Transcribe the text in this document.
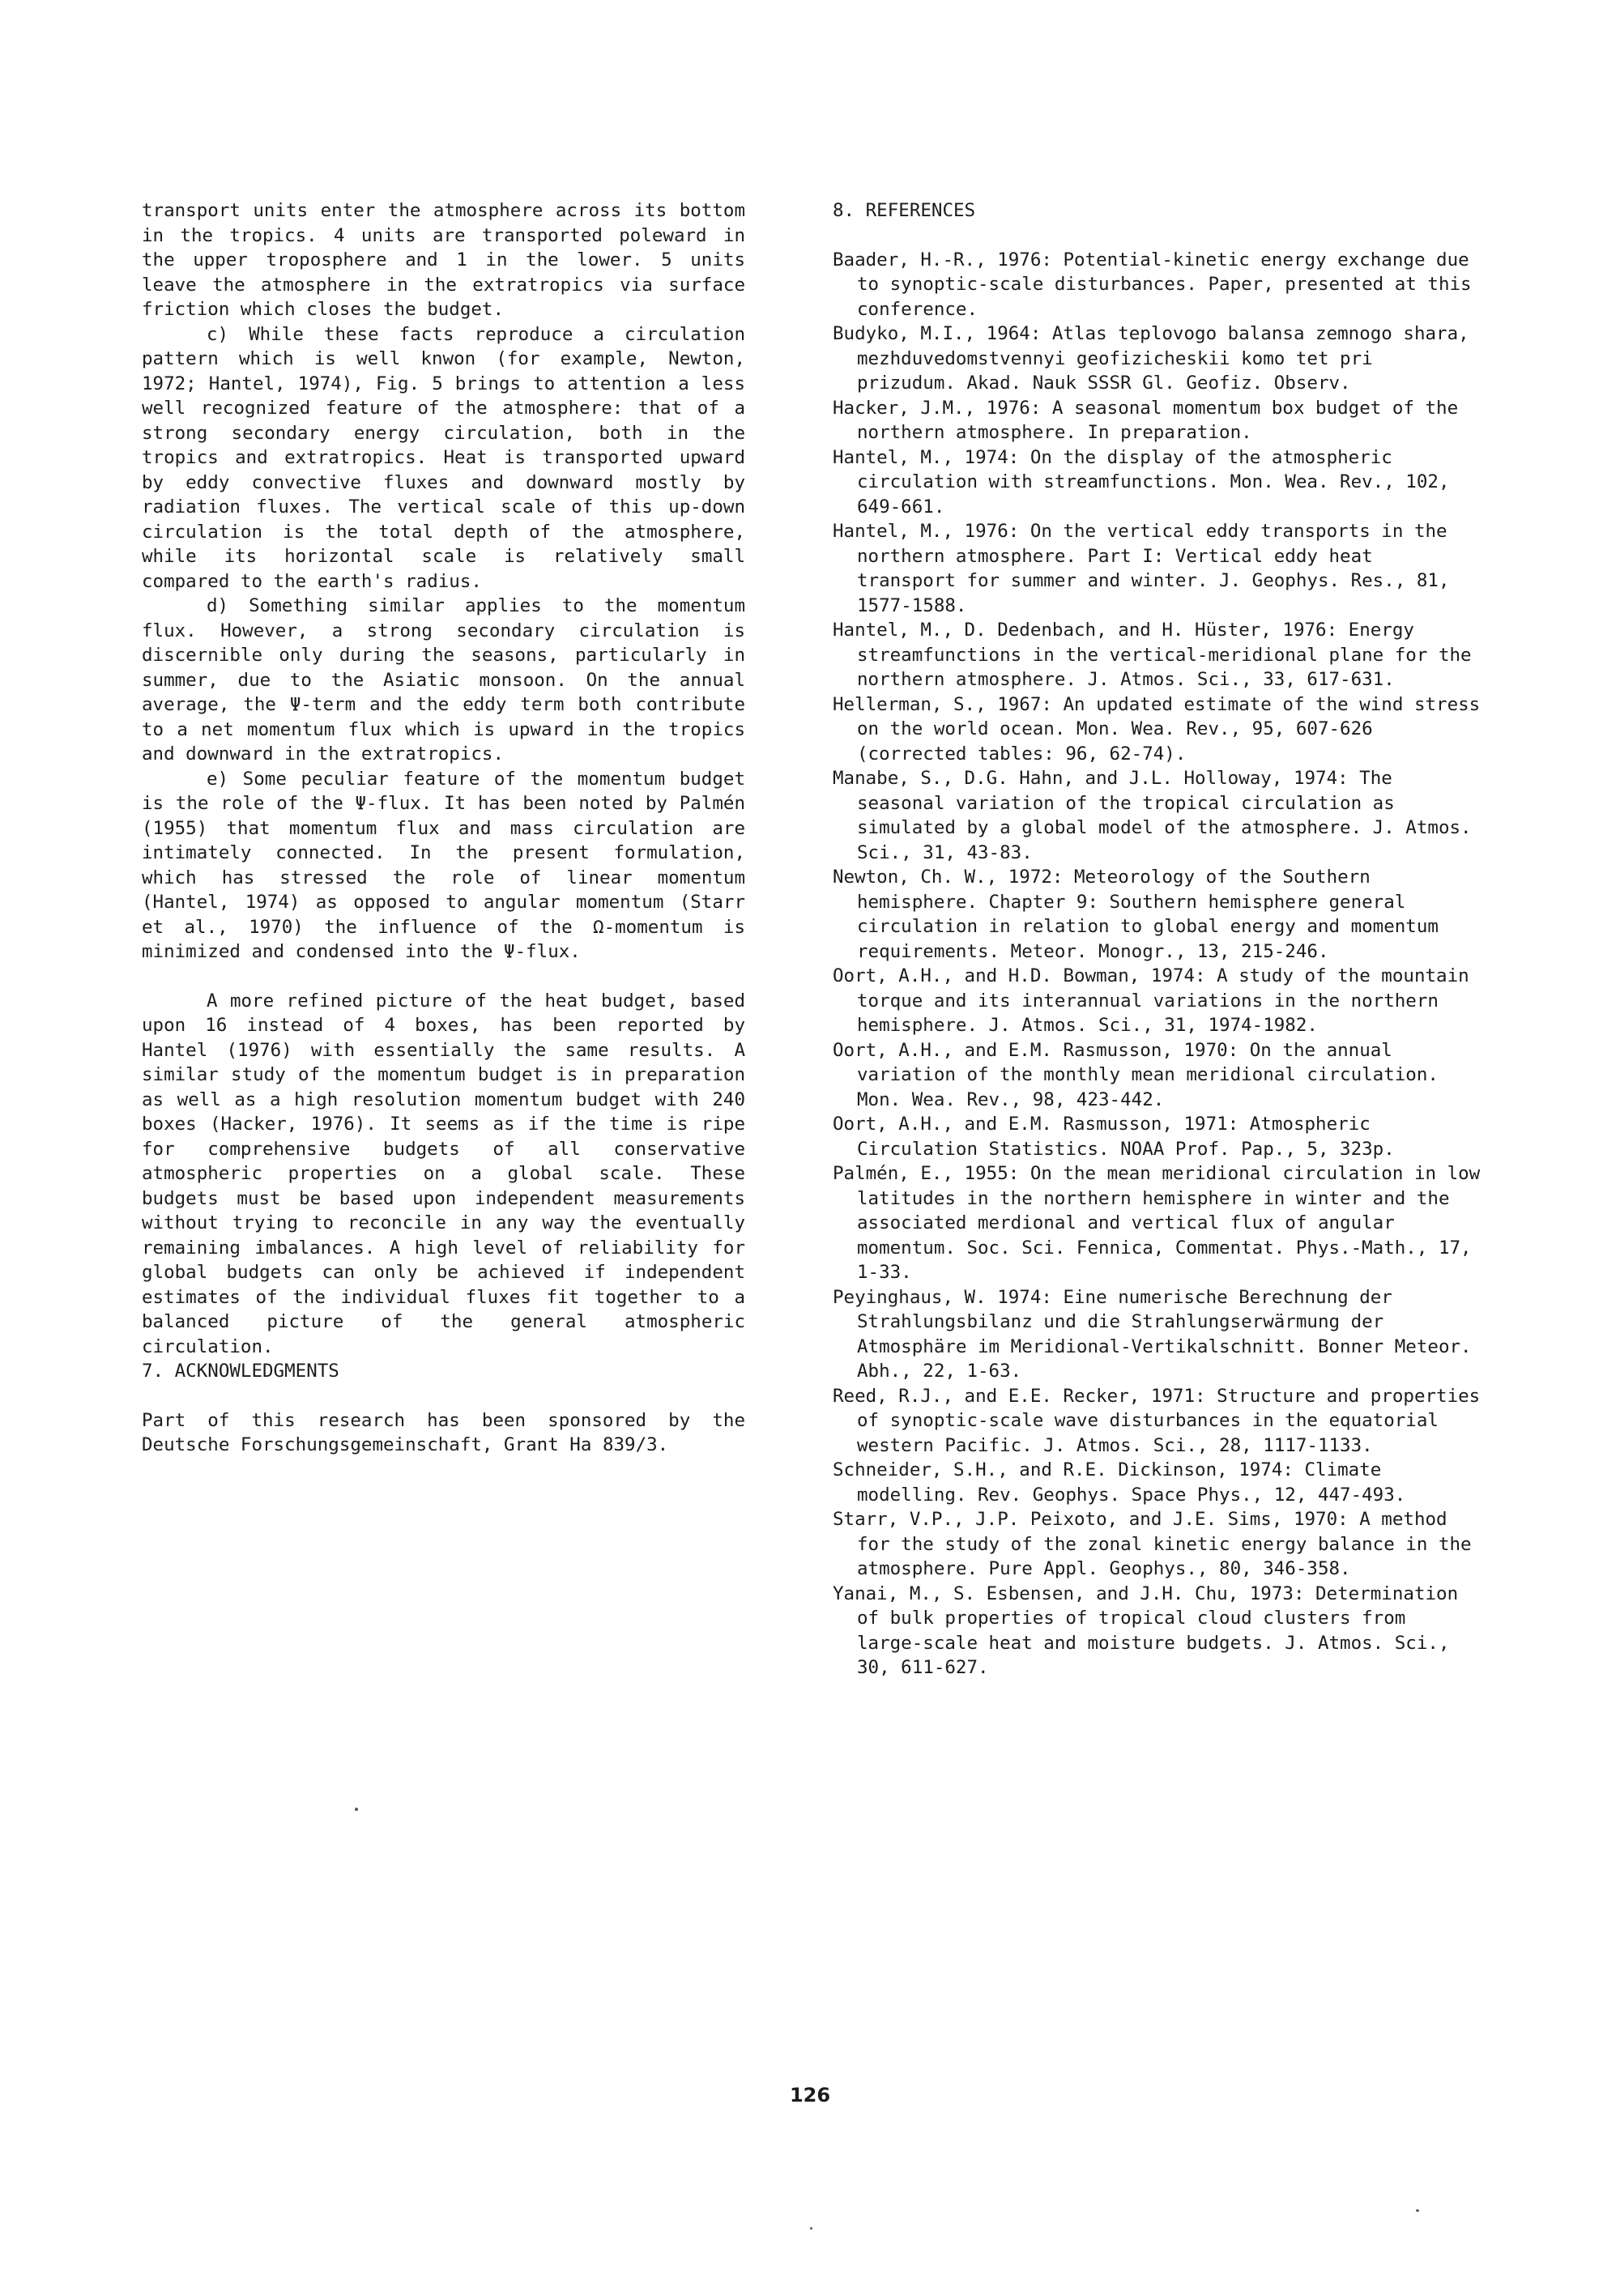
transport units enter the atmosphere across its bottom in the tropics. 4 units are transported poleward in the upper troposphere and 1 in the lower. 5 units leave the atmosphere in the extratropics via surface friction which closes the budget.

c) While these facts reproduce a circulation pattern which is well knwon (for example, Newton, 1972; Hantel, 1974), Fig. 5 brings to attention a less well recognized feature of the atmosphere: that of a strong secondary energy circulation, both in the tropics and extratropics. Heat is transported upward by eddy convective fluxes and downward mostly by radiation fluxes. The vertical scale of this up-down circulation is the total depth of the atmosphere, while its horizontal scale is relatively small compared to the earth's radius.

d) Something similar applies to the momentum flux. However, a strong secondary circulation is discernible only during the seasons, particularly in summer, due to the Asiatic monsoon. On the annual average, the Ψ-term and the eddy term both contribute to a net momentum flux which is upward in the tropics and downward in the extratropics.

e) Some peculiar feature of the momentum budget is the role of the Ψ-flux. It has been noted by Palmén (1955) that momentum flux and mass circulation are intimately connected. In the present formulation, which has stressed the role of linear momentum (Hantel, 1974) as opposed to angular momentum (Starr et al., 1970) the influence of the Ω-momentum is minimized and condensed into the Ψ-flux.

A more refined picture of the heat budget, based upon 16 instead of 4 boxes, has been reported by Hantel (1976) with essentially the same results. A similar study of the momentum budget is in preparation as well as a high resolution momentum budget with 240 boxes (Hacker, 1976). It seems as if the time is ripe for comprehensive budgets of all conservative atmospheric properties on a global scale. These budgets must be based upon independent measurements without trying to reconcile in any way the eventually remaining imbalances. A high level of reliability for global budgets can only be achieved if independent estimates of the individual fluxes fit together to a balanced picture of the general atmospheric circulation.

7. ACKNOWLEDGMENTS

Part of this research has been sponsored by the Deutsche Forschungsgemeinschaft, Grant Ha 839/3.

8. REFERENCES

Baader, H.-R., 1976: Potential-kinetic energy exchange due to synoptic-scale disturbances. Paper, presented at this conference.

Budyko, M.I., 1964: Atlas teplovogo balansa zemnogo shara, mezhduvedomstvennyi geofizicheskii komo tet pri prizudum. Akad. Nauk SSSR Gl. Geofiz. Observ.

Hacker, J.M., 1976: A seasonal momentum box budget of the northern atmosphere. In preparation.

Hantel, M., 1974: On the display of the atmospheric circulation with streamfunctions. Mon. Wea. Rev., 102, 649-661.

Hantel, M., 1976: On the vertical eddy transports in the northern atmosphere. Part I: Vertical eddy heat transport for summer and winter. J. Geophys. Res., 81, 1577-1588.

Hantel, M., D. Dedenbach, and H. Hüster, 1976: Energy streamfunctions in the vertical-meridional plane for the northern atmosphere. J. Atmos. Sci., 33, 617-631.

Hellerman, S., 1967: An updated estimate of the wind stress on the world ocean. Mon. Wea. Rev., 95, 607-626 (corrected tables: 96, 62-74).

Manabe, S., D.G. Hahn, and J.L. Holloway, 1974: The seasonal variation of the tropical circulation as simulated by a global model of the atmosphere. J. Atmos. Sci., 31, 43-83.

Newton, Ch. W., 1972: Meteorology of the Southern hemisphere. Chapter 9: Southern hemisphere general circulation in relation to global energy and momentum requirements. Meteor. Monogr., 13, 215-246.

Oort, A.H., and H.D. Bowman, 1974: A study of the mountain torque and its interannual variations in the northern hemisphere. J. Atmos. Sci., 31, 1974-1982.

Oort, A.H., and E.M. Rasmusson, 1970: On the annual variation of the monthly mean meridional circulation. Mon. Wea. Rev., 98, 423-442.

Oort, A.H., and E.M. Rasmusson, 1971: Atmospheric Circulation Statistics. NOAA Prof. Pap., 5, 323p.

Palmén, E., 1955: On the mean meridional circulation in low latitudes in the northern hemisphere in winter and the associated merdional and vertical flux of angular momentum. Soc. Sci. Fennica, Commentat. Phys.-Math., 17, 1-33.

Peyinghaus, W. 1974: Eine numerische Berechnung der Strahlungsbilanz und die Strahlungserwärmung der Atmosphäre im Meridional-Vertikalschnitt. Bonner Meteor. Abh., 22, 1-63.

Reed, R.J., and E.E. Recker, 1971: Structure and properties of synoptic-scale wave disturbances in the equatorial western Pacific. J. Atmos. Sci., 28, 1117-1133.

Schneider, S.H., and R.E. Dickinson, 1974: Climate modelling. Rev. Geophys. Space Phys., 12, 447-493.

Starr, V.P., J.P. Peixoto, and J.E. Sims, 1970: A method for the study of the zonal kinetic energy balance in the atmosphere. Pure Appl. Geophys., 80, 346-358.

Yanai, M., S. Esbensen, and J.H. Chu, 1973: Determination of bulk properties of tropical cloud clusters from large-scale heat and moisture budgets. J. Atmos. Sci., 30, 611-627.

126
